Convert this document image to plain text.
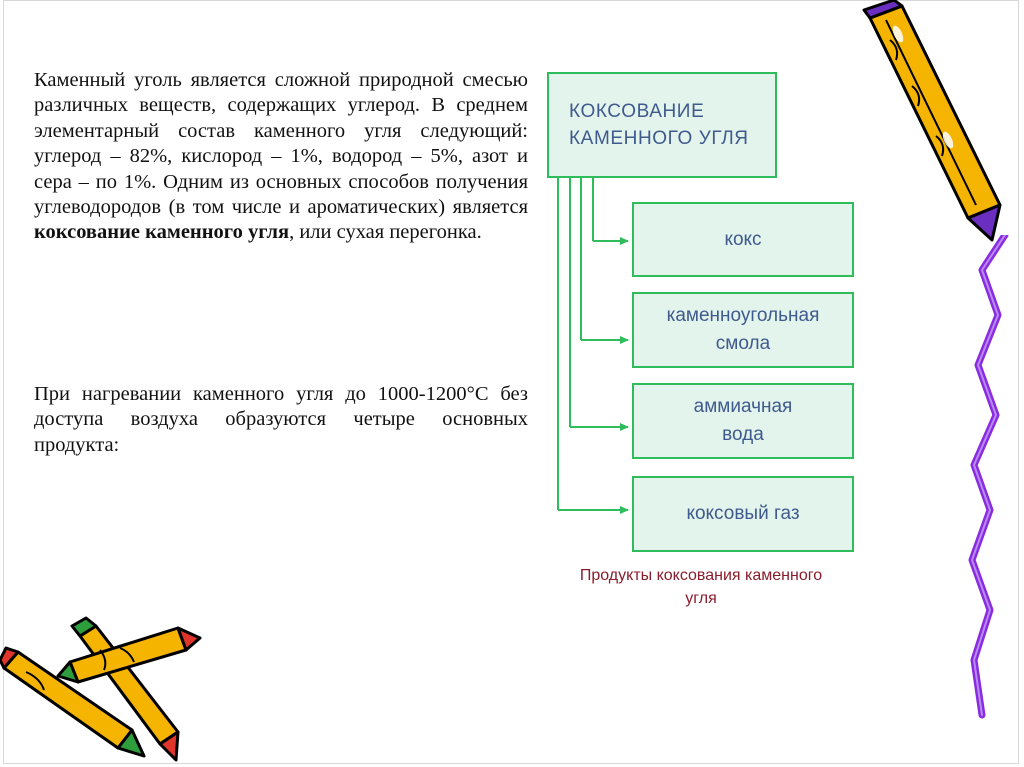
Каменный уголь является сложной природной смесью различных веществ, содержащих углерод. В среднем элементарный состав каменного угля следующий: углерод – 82%, кислород – 1%, водород – 5%, азот и сера – по 1%. Одним из основных способов получения углеводородов (в том числе и ароматических) является коксование каменного угля, или сухая перегонка.

При нагревании каменного угля до 1000-1200°С без доступа воздуха образуются четыре основных продукта:

КОКСОВАНИЕ
КАМЕННОГО УГЛЯ
кокс
каменноугольная
смола
аммиачная
вода
коксовый газ
Продукты коксования каменного
угля
